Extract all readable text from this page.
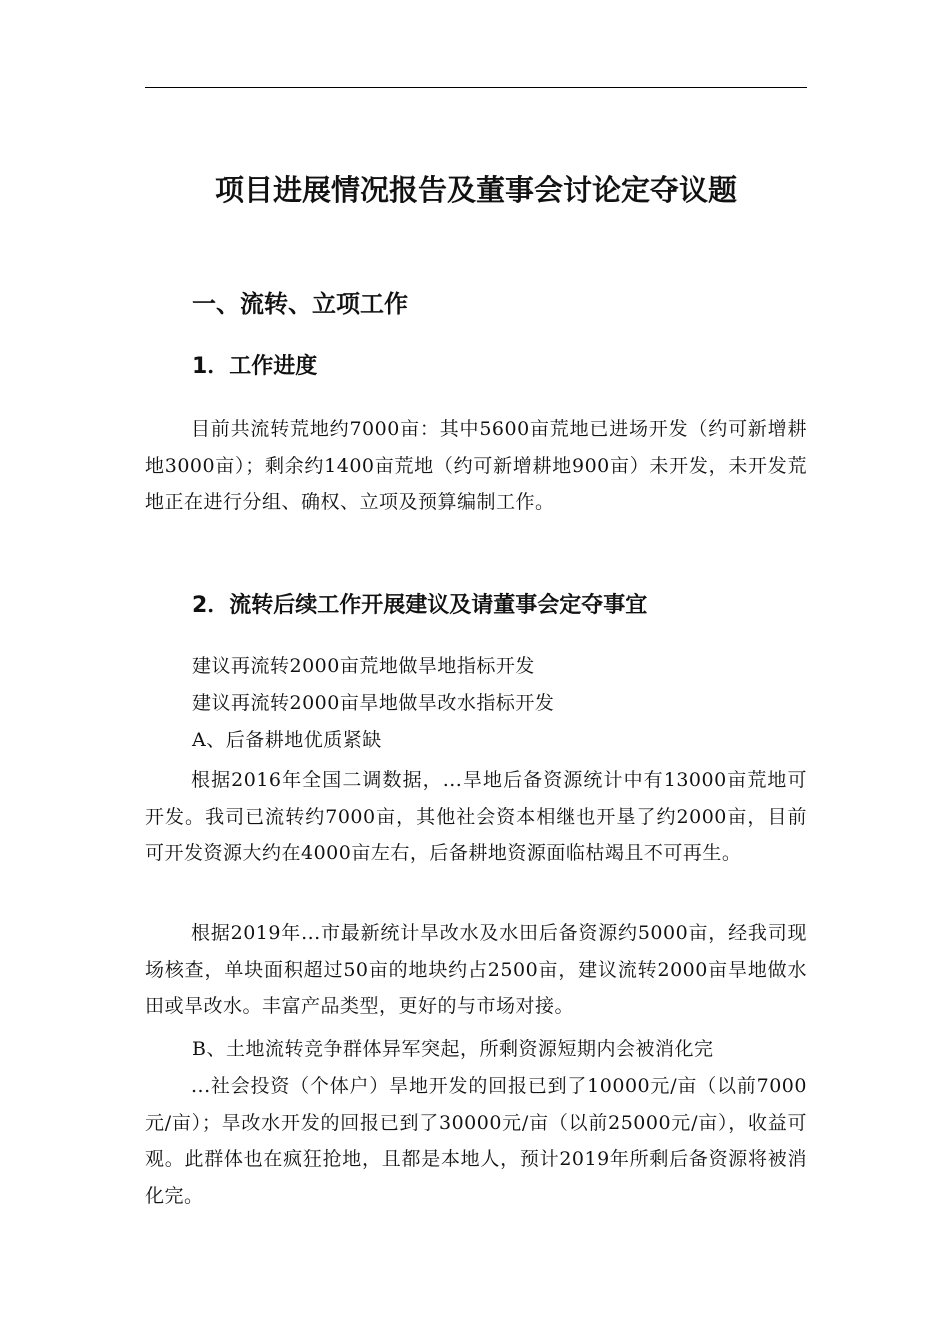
项目进展情况报告及董事会讨论定夺议题
一、流转、立项工作
1．工作进度

目前共流转荒地约7000亩：其中5600亩荒地已进场开发（约可新增耕地3000亩）；剩余约1400亩荒地（约可新增耕地900亩）未开发，未开发荒地正在进行分组、确权、立项及预算编制工作。

2．流转后续工作开展建议及请董事会定夺事宜

建议再流转2000亩荒地做旱地指标开发

建议再流转2000亩旱地做旱改水指标开发

A、后备耕地优质紧缺

根据2016年全国二调数据，...旱地后备资源统计中有13000亩荒地可开发。我司已流转约7000亩，其他社会资本相继也开垦了约2000亩，目前可开发资源大约在4000亩左右，后备耕地资源面临枯竭且不可再生。

根据2019年...市最新统计旱改水及水田后备资源约5000亩，经我司现场核查，单块面积超过50亩的地块约占2500亩，建议流转2000亩旱地做水田或旱改水。丰富产品类型，更好的与市场对接。

B、土地流转竞争群体异军突起，所剩资源短期内会被消化完

...社会投资（个体户）旱地开发的回报已到了10000元/亩（以前7000元/亩）；旱改水开发的回报已到了30000元/亩（以前25000元/亩），收益可观。此群体也在疯狂抢地，且都是本地人，预计2019年所剩后备资源将被消化完。
